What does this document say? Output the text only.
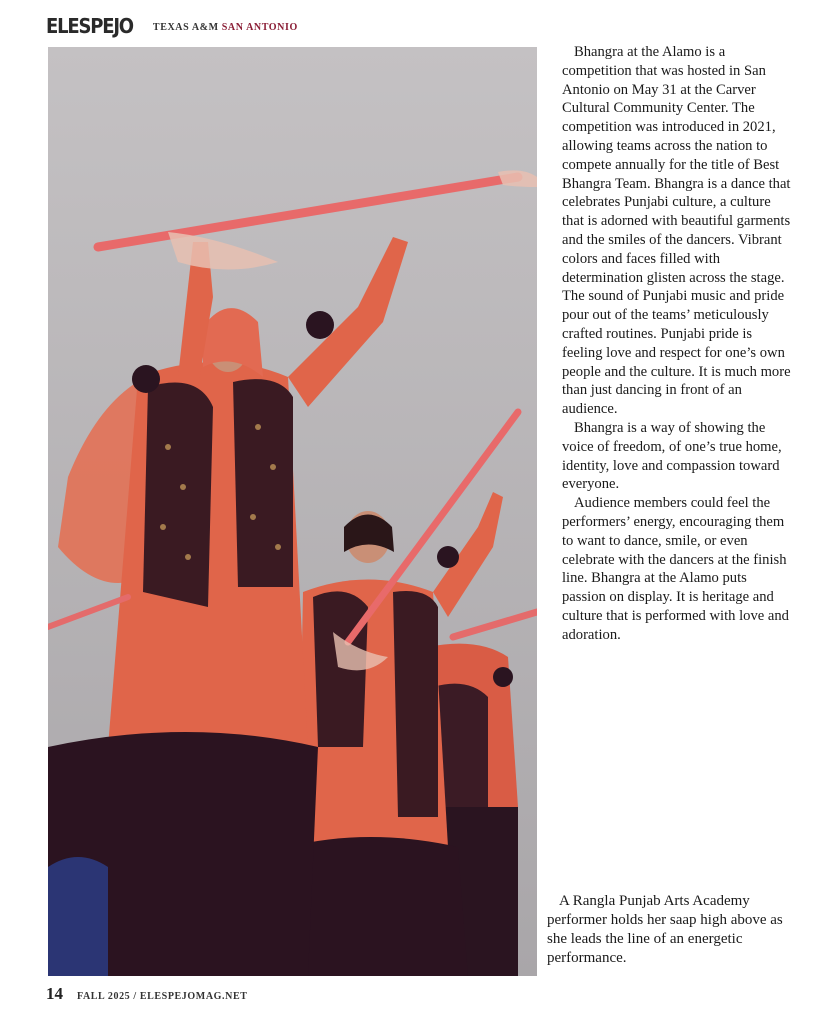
ELESPEJO TEXAS A&M SAN ANTONIO

Bhangra at the Alamo is a competition that was hosted in San Antonio on May 31 at the Carver Cultural Community Center. The competition was introduced in 2021, allowing teams across the nation to compete annually for the title of Best Bhangra Team. Bhangra is a dance that celebrates Punjabi culture, a culture that is adorned with beautiful garments and the smiles of the dancers. Vibrant colors and faces filled with determination glisten across the stage. The sound of Punjabi music and pride pour out of the teams’ meticulously crafted routines. Punjabi pride is feeling love and respect for one’s own people and the culture. It is much more than just dancing in front of an audience.

Bhangra is a way of showing the voice of freedom, of one’s true home, identity, love and compassion toward everyone.

Audience members could feel the performers’ energy, encouraging them to want to dance, smile, or even celebrate with the dancers at the finish line. Bhangra at the Alamo puts passion on display. It is heritage and culture that is performed with love and adoration.

A Rangla Punjab Arts Academy performer holds her saap high above as she leads the line of an energetic performance.

14 FALL 2025 / ELESPEJOMAG.NET
